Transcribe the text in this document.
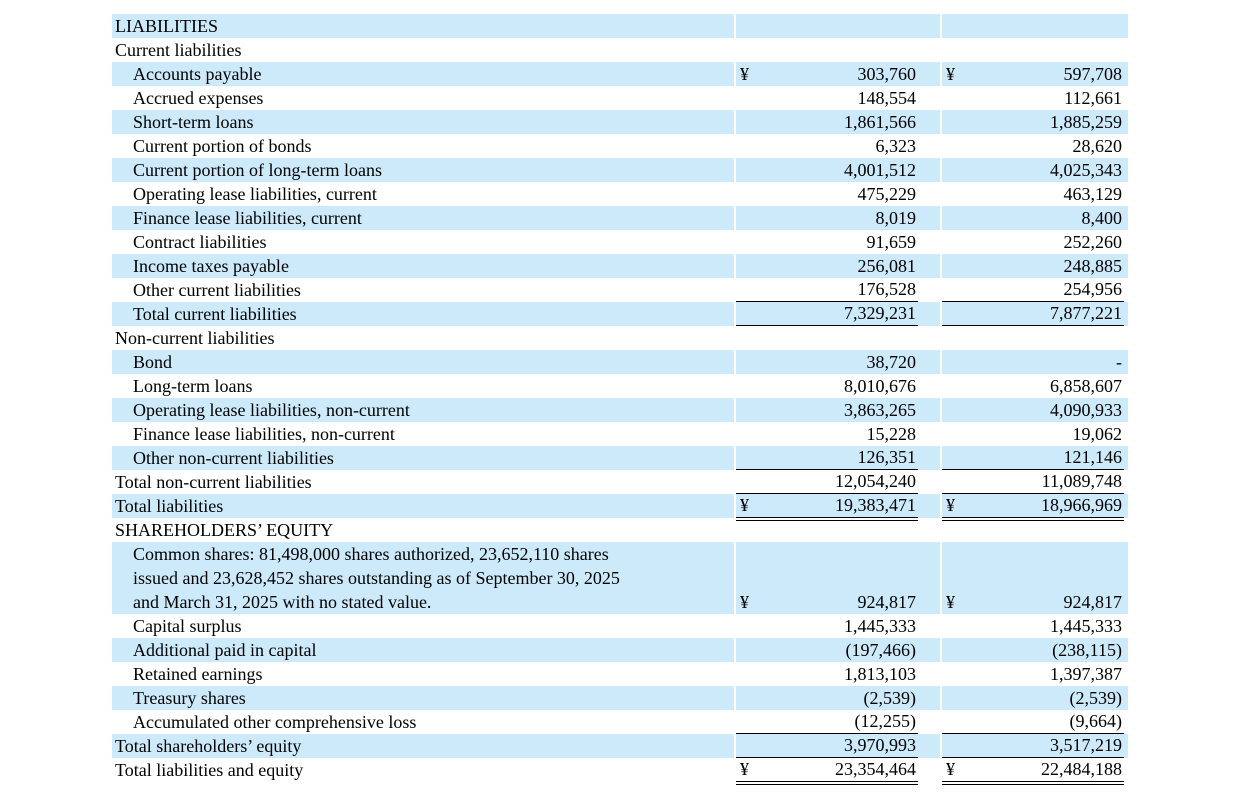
LIABILITIES
Current liabilities
Accounts payable	¥	303,760 ¥	597,708
Accrued expenses	148,554	112,661
Short-term loans	1,861,566	1,885,259
Current portion of bonds	6,323	28,620
Current portion of long-term loans	4,001,512	4,025,343
Operating lease liabilities, current	475,229	463,129
Finance lease liabilities, current	8,019	8,400
Contract liabilities	91,659	252,260
Income taxes payable	256,081	248,885
Other current liabilities	176,528	254,956
Total current liabilities	7,329,231	7,877,221
Non-current liabilities
Bond	38,720	-
Long-term loans	8,010,676	6,858,607
Operating lease liabilities, non-current	3,863,265	4,090,933
Finance lease liabilities, non-current	15,228	19,062
Other non-current liabilities	126,351	121,146
Total non-current liabilities	12,054,240	11,089,748
Total liabilities	¥	19,383,471 ¥	18,966,969
SHAREHOLDERS’ EQUITY
Common shares: 81,498,000 shares authorized, 23,652,110 shares
issued and 23,628,452 shares outstanding as of September 30, 2025
and March 31, 2025 with no stated value.	¥	924,817 ¥	924,817
Capital surplus	1,445,333	1,445,333
Additional paid in capital	(197,466)	(238,115)
Retained earnings	1,813,103	1,397,387
Treasury shares	(2,539)	(2,539)
Accumulated other comprehensive loss	(12,255)	(9,664)
Total shareholders’ equity	3,970,993	3,517,219
Total liabilities and equity	¥	23,354,464 ¥	22,484,188
